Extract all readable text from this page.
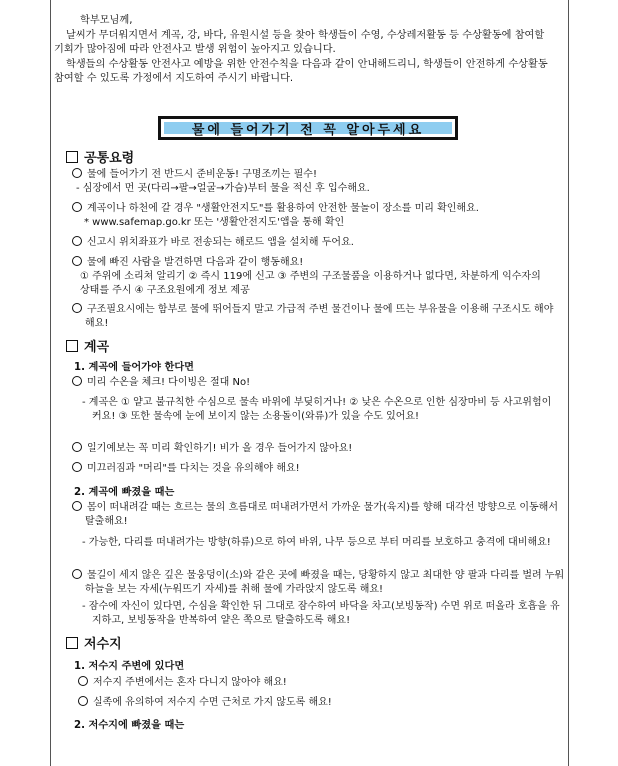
학부모님께,
날씨가 무더워지면서 계곡, 강, 바다, 유원시설 등을 찾아 학생들이 수영, 수상레저활동 등 수상활동에 참여할 기회가 많아짐에 따라 안전사고 발생 위험이 높아지고 있습니다.
학생들의 수상활동 안전사고 예방을 위한 안전수칙을 다음과 같이 안내해드리니, 학생들이 안전하게 수상활동 참여할 수 있도록 가정에서 지도하여 주시기 바랍니다.
물에 들어가기 전 꼭 알아두세요
공통요령
물에 들어가기 전 반드시 준비운동! 구명조끼는 필수!
- 심장에서 먼 곳(다리→팔→얼굴→가슴)부터 물을 적신 후 입수해요.
계곡이나 하천에 갈 경우 "생활안전지도"를 활용하여 안전한 물놀이 장소를 미리 확인해요.
* www.safemap.go.kr 또는 '생활안전지도'앱을 통해 확인
신고시 위치좌표가 바로 전송되는 해로드 앱을 설치해 두어요.
물에 빠진 사람을 발견하면 다음과 같이 행동해요!
① 주위에 소리쳐 알리기 ② 즉시 119에 신고 ③ 주변의 구조물품을 이용하거나 없다면, 차분하게 익수자의 상태를 주시 ④ 구조요원에게 정보 제공
구조필요시에는 함부로 물에 뛰어들지 말고 가급적 주변 물건이나 물에 뜨는 부유물을 이용해 구조시도 해야 해요!
계곡
1. 계곡에 들어가야 한다면
미리 수온을 체크! 다이빙은 절대 No!
- 계곡은 ① 얕고 불규칙한 수심으로 물속 바위에 부딪히거나! ② 낮은 수온으로 인한 심장마비 등 사고위험이 커요! ③ 또한 물속에 눈에 보이지 않는 소용돌이(와류)가 있을 수도 있어요!
일기예보는 꼭 미리 확인하기! 비가 올 경우 들어가지 않아요!
미끄러짐과 "머리"를 다치는 것을 유의해야 해요!
2. 계곡에 빠졌을 때는
몸이 떠내려갈 때는 흐르는 물의 흐름대로 떠내려가면서 가까운 물가(육지)를 향해 대각선 방향으로 이동해서 탈출해요!
- 가능한, 다리를 떠내려가는 방향(하류)으로 하여 바위, 나무 등으로 부터 머리를 보호하고 충격에 대비해요!
물길이 세지 않은 깊은 물웅덩이(소)와 같은 곳에 빠졌을 때는, 당황하지 않고 최대한 양 팔과 다리를 벌려 누워 하늘을 보는 자세(누워뜨기 자세)를 취해 물에 가라앉지 않도록 해요!
- 잠수에 자신이 있다면, 수심을 확인한 뒤 그대로 잠수하여 바닥을 차고(보빙동작) 수면 위로 떠올라 호흡을 유지하고, 보빙동작을 반복하여 얕은 쪽으로 탈출하도록 해요!
저수지
1. 저수지 주변에 있다면
저수지 주변에서는 혼자 다니지 않아야 해요!
실족에 유의하여 저수지 수면 근처로 가지 않도록 해요!
2. 저수지에 빠졌을 때는
